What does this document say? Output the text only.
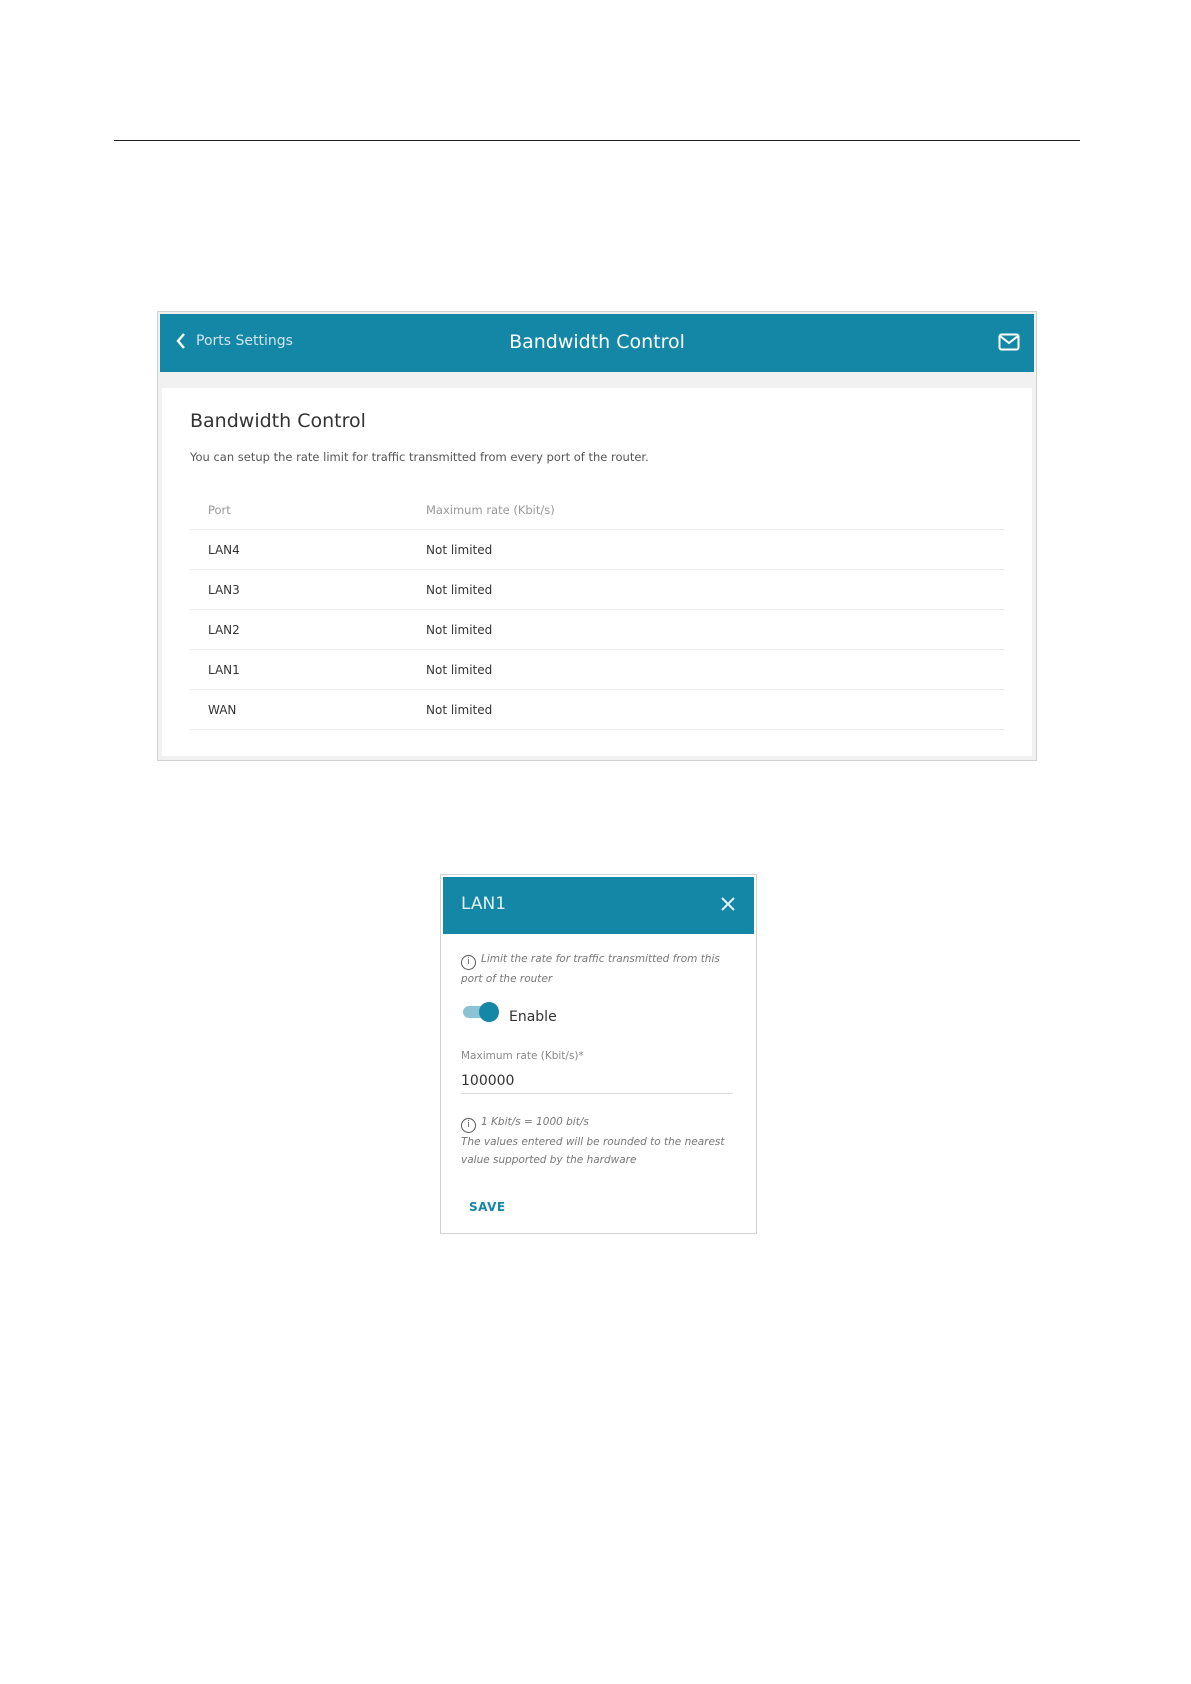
Ports Settings	Bandwidth Control
Bandwidth Control
You can setup the rate limit for traffic transmitted from every port of the router.
Port	Maximum rate (Kbit/s)
LAN4	Not limited
LAN3	Not limited
LAN2	Not limited
LAN1	Not limited
WAN	Not limited
LAN1
i Limit the rate for traffic transmitted from this port of the router
Enable
Maximum rate (Kbit/s)*
100000
i 1 Kbit/s = 1000 bit/s
The values entered will be rounded to the nearest value supported by the hardware
SAVE
